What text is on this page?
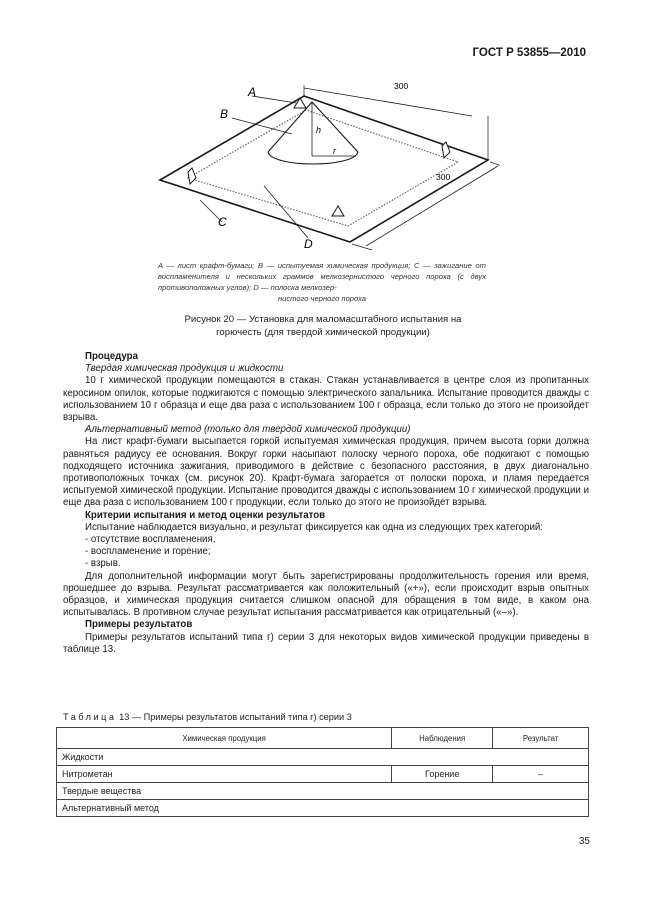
ГОСТ Р 53855—2010
A
B
C
D
h
r
300
300
A — лист крафт-бумаги; B — испытуемая химическая продукция; C — зажигание от воспламенителя и нескольких граммов мелкозернистого черного пороха (с двух противоположных углов); D — полоска мелкозер-
нистого черного пороха
Рисунок 20 — Установка для маломасштабного испытания на
горючесть (для твердой химической продукции)

Процедура

Твердая химическая продукция и жидкости

10 г химической продукции помещаются в стакан. Стакан устанавливается в центре слоя из пропитанных керосином опилок, которые поджигаются с помощью электрического запальника. Испытание проводится дважды с использованием 10 г образца и еще два раза с использованием 100 г образца, если только до этого не произойдет взрыва.

Альтернативный метод (только для твердой химической продукции)

На лист крафт-бумаги высыпается горкой испытуемая химическая продукция, причем высота горки должна равняться радиусу ее основания. Вокруг горки насыпают полоску черного пороха, обе подкигают с помощью подходящего источника зажигания, приводимого в действие с безопасного расстояния, в двух диагонально противоположных точках (см. рисунок 20). Крафт-бумага загорается от полоски пороха, и пламя передается испытуемой химической продукции. Испытание проводится дважды с использованием 10 г химической продукции и еще два раза с использованием 100 г продукции, если только до этого не произойдет взрыва.

Критерии испытания и метод оценки результатов

Испытание наблюдается визуально, и результат фиксируется как одна из следующих трех категорий:

- отсутствие воспламенения,

- воспламенение и горение;

- взрыв.

Для дополнительной информации могут быть зарегистрированы продолжительность горения или время, прошедшее до взрыва. Результат рассматривается как положительный («+»), если происходит взрыв опытных образцов, и химическая продукция считается слишком опасной для обращения в том виде, в каком она испытывалась. В противном случае результат испытания рассматривается как отрицательный («–»).

Примеры результатов

Примеры результатов испытаний типа г) серии 3 для некоторых видов химической продукции приведены в таблице 13.

Таблица 13 — Примеры результатов испытаний типа г) серии 3
Химическая продукция	Наблюдения	Результат
Жидкости		
Нитрометан	Горение	–
Твердые вещества		
Альтернативный метод		
35
